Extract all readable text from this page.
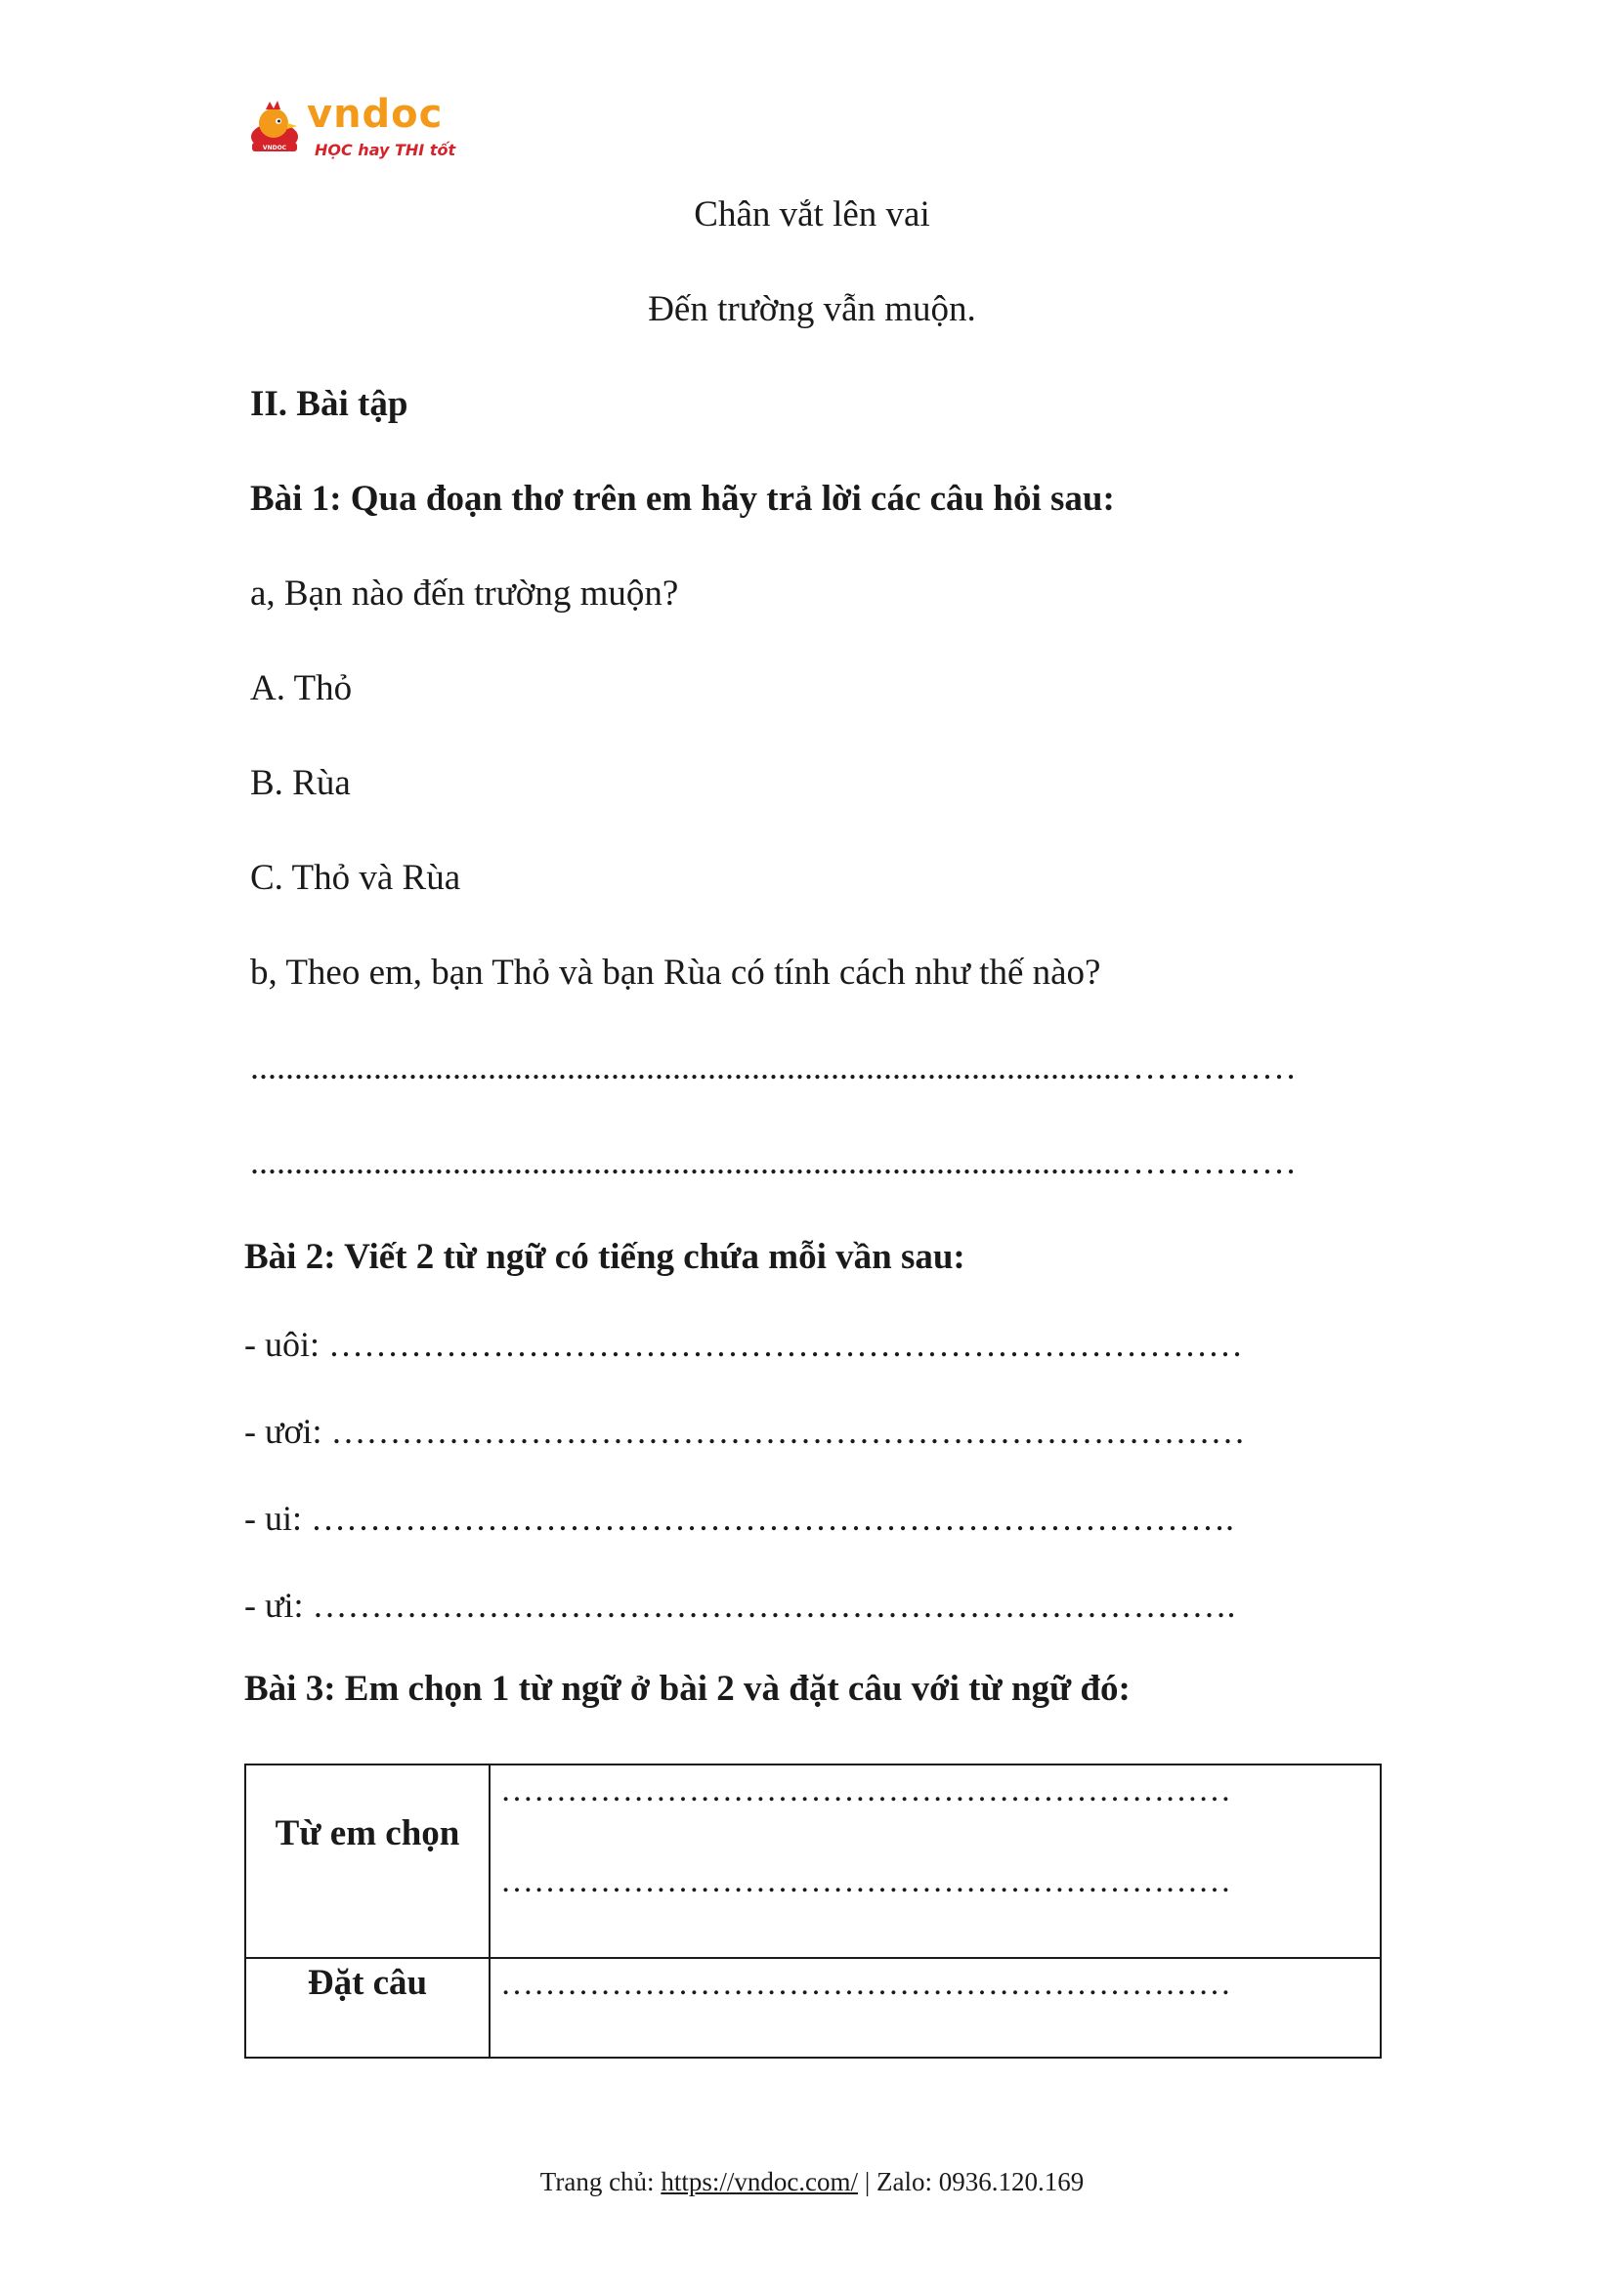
VNDOC
vndoc
HỌC hay THI tốt
Chân vắt lên vai
Đến trường vẫn muộn.
II. Bài tập
Bài 1: Qua đoạn thơ trên em hãy trả lời các câu hỏi sau:
a, Bạn nào đến trường muộn?
A. Thỏ
B. Rùa
C. Thỏ và Rùa
b, Theo em, bạn Thỏ và bạn Rùa có tính cách như thế nào?
...................................................................................................……………
...................................................................................................……………
Bài 2: Viết 2 từ ngữ có tiếng chứa mỗi vần sau:
- uôi: ……………………………………………………………………
- ươi: ……………………………………………………………………
- ui: …………………………………………………………………….
- ưi: …………………………………………………………………….
Bài 3: Em chọn 1 từ ngữ ở bài 2 và đặt câu với từ ngữ đó:
Từ em chọn	…………………………………………………………
…………………………………………………………

Đặt câu	…………………………………………………………
Trang chủ: https://vndoc.com/ | Zalo: 0936.120.169
